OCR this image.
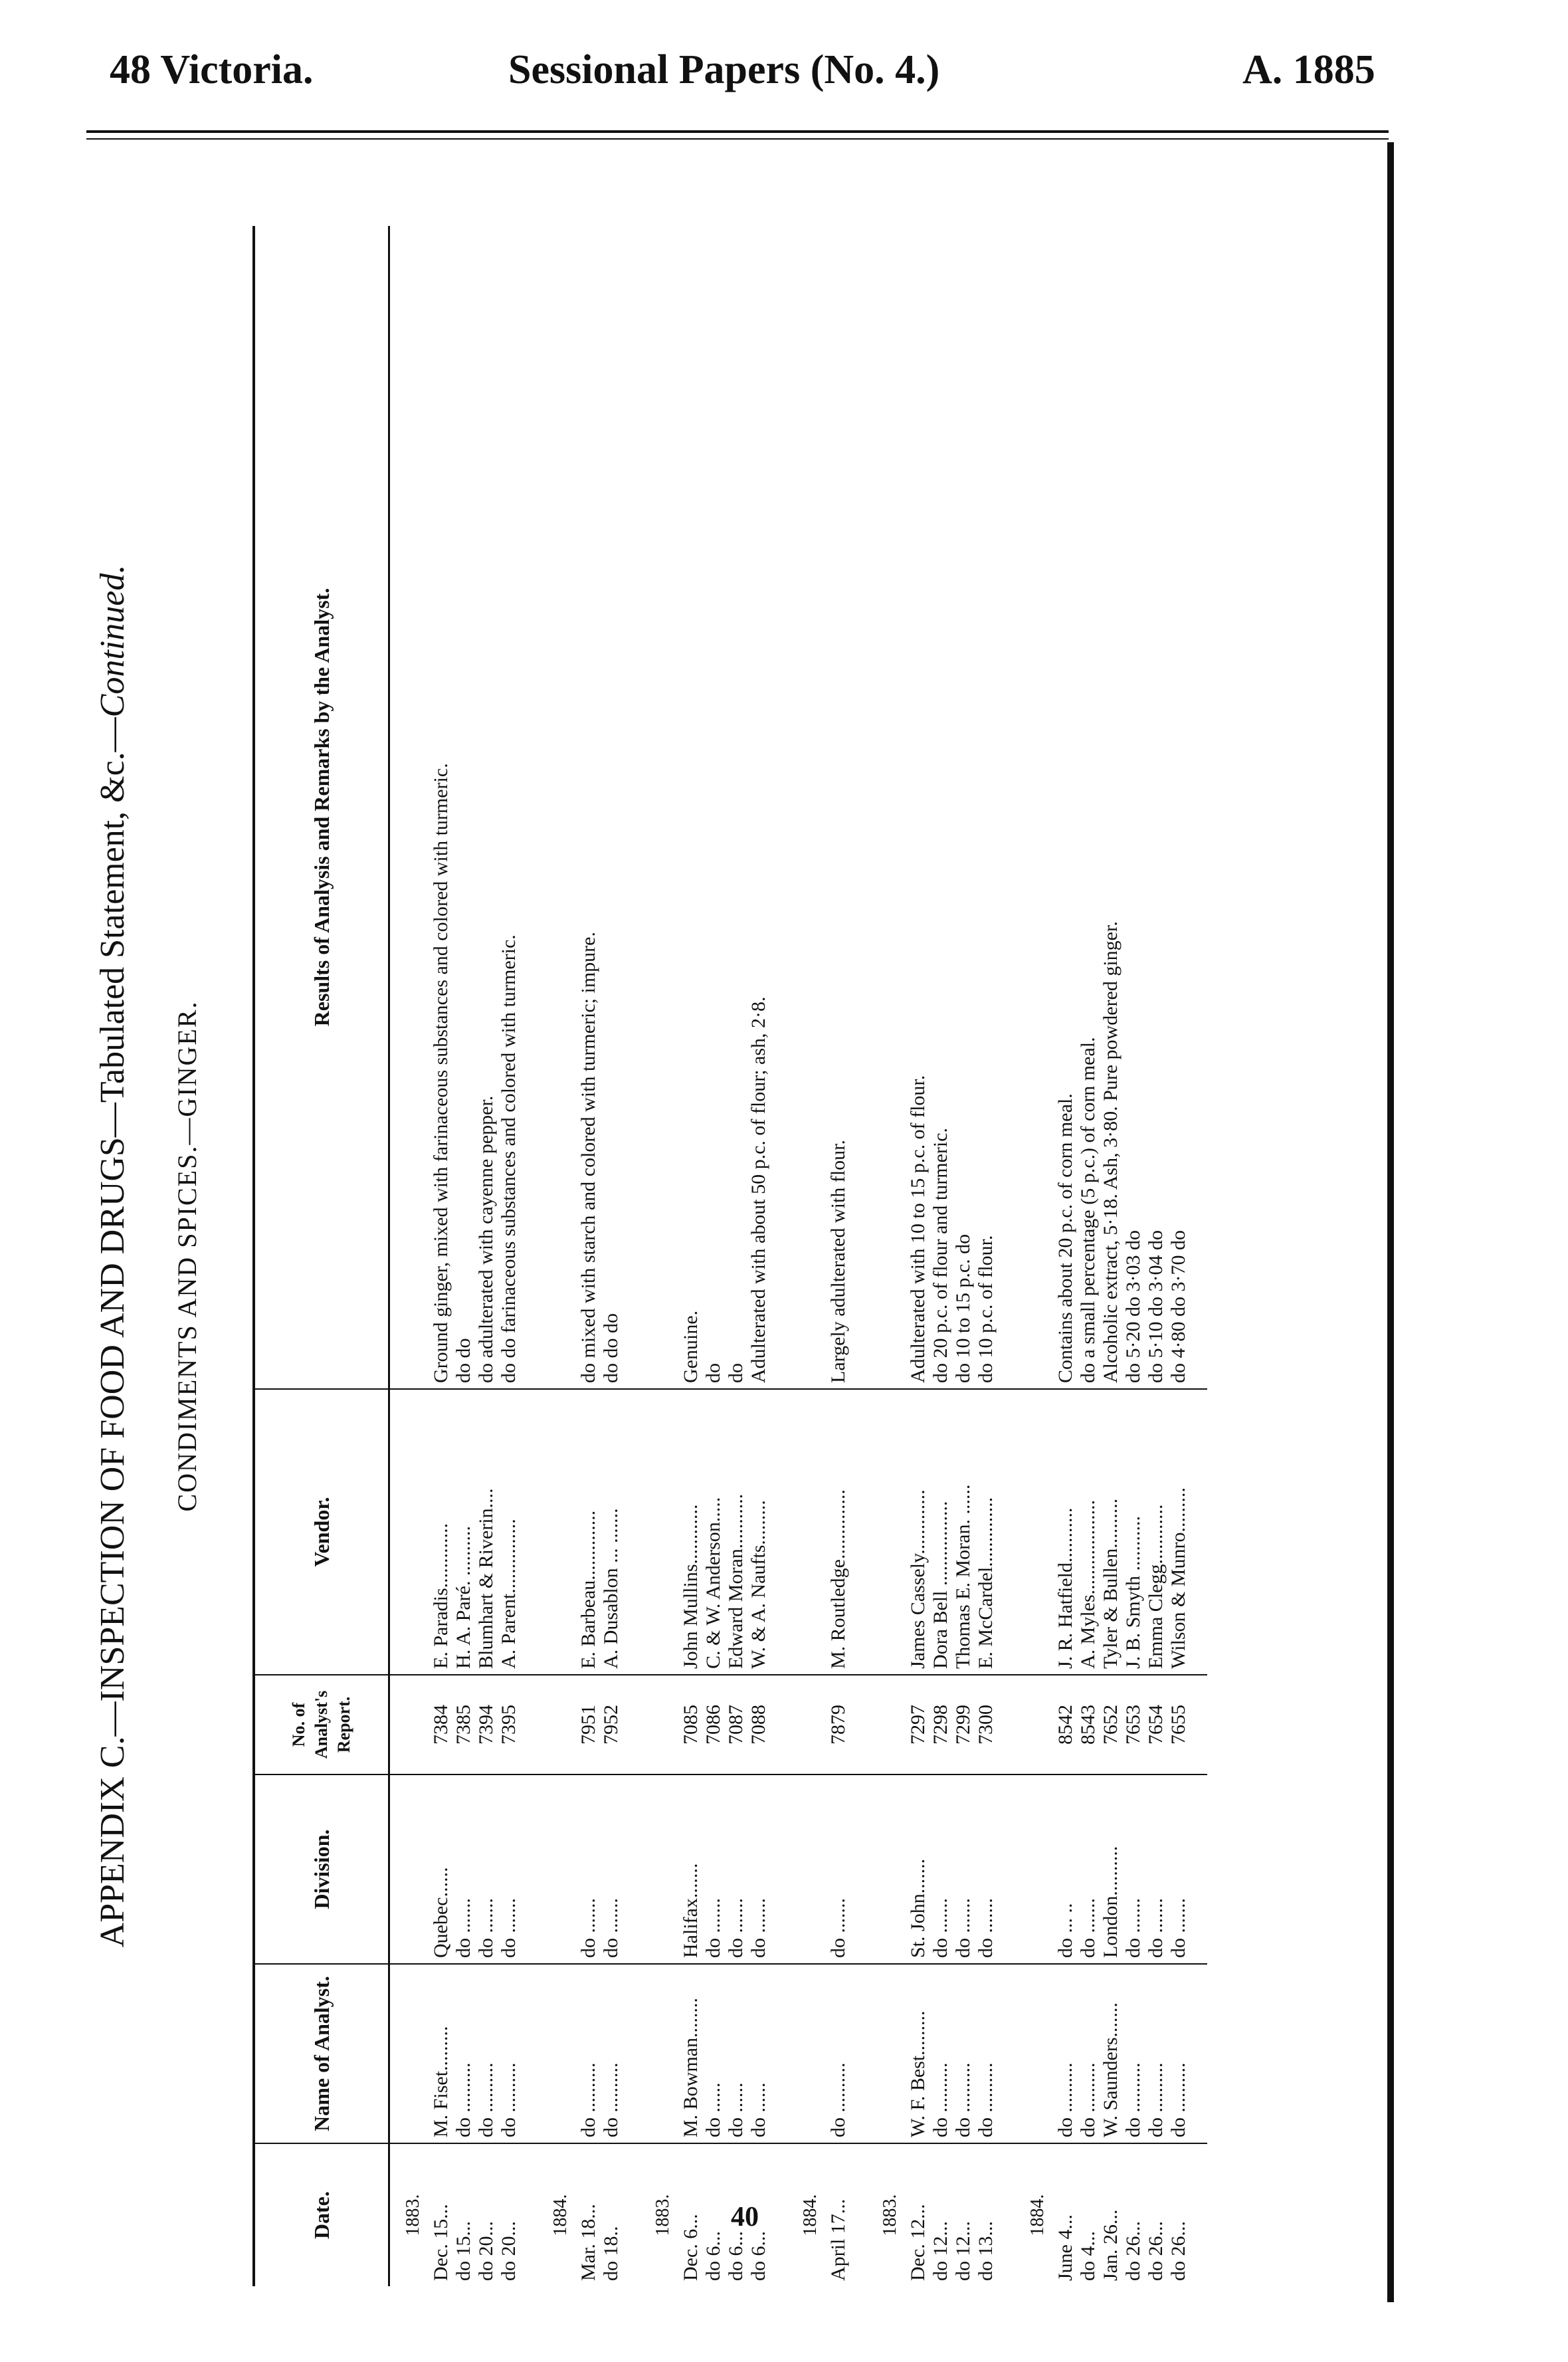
48 Victoria.	Sessional Papers (No. 4.)	A. 1885
APPENDIX C.—INSPECTION OF FOOD AND DRUGS—Tabulated Statement, &c.—Continued.
CONDIMENTS AND SPICES.—GINGER.
Date.	Name of Analyst.	Division.	No. of Analyst's Report.	Vendor.	Results of Analysis and Remarks by the Analyst.
1883.					
Dec. 15...	M. Fiset.........	Quebec......	7384	E. Paradis.............	Ground ginger, mixed with farinaceous substances and colored with turmeric.
do 15...	do ..........	do .......	7385	H. A. Paré. ..........	do do
do 20...	do ..........	do .......	7394	Blumhart & Riverin....	do adulterated with cayenne pepper.
do 20...	do ..........	do .......	7395	A. Parent...............	do do farinaceous substances and colored with turmeric.

1884.					
Mar. 18...	do ..........	do .......	7951	E. Barbeau..............	do mixed with starch and colored with turmeric; impure.
do 18..	do ..........	do .......	7952	A. Dusablon ... .......	do do do

1883.					
Dec. 6...	M. Bowman........	Halifax.......	7085	John Mullins............	Genuine.
do 6...	do ......	do .......	7086	C. & W. Anderson.....	do
do 6...	do ......	do .......	7087	Edward Moran...........	do
do 6...	do ......	do .......	7088	W. & A. Naufts.........	Adulterated with about 50 p.c. of flour; ash, 2·8.

1884.					
April 17...	do ..........	do .......	7879	M. Routledge..............	Largely adulterated with flour.

1883.					
Dec. 12...	W. F. Best.........	St. John.......	7297	James Cassely.............	Adulterated with 10 to 15 p.c. of flour.
do 12...	do ..........	do .......	7298	Dora Bell .................	do 20 p.c. of flour and turmeric.
do 12...	do ..........	do .......	7299	Thomas E. Moran. ......	do 10 to 15 p.c. do
do 13...	do ..........	do .......	7300	E. McCardel..............	do 10 p.c. of flour.

1884.					
June 4...	do ..........	do ... ..	8542	J. R. Hatfield...........	Contains about 20 p.c. of corn meal.
do 4...	do ..........	do .......	8543	A. Myles...................	do a small percentage (5 p.c.) of corn meal.
Jan. 26...	W. Saunders.......	London..........	7652	Tyler & Bullen..........	Alcoholic extract, 5·18. Ash, 3·80. Pure powdered ginger.
do 26...	do ..........	do .......	7653	J. B. Smyth ...........	do 5·20 do 3·03 do
do 26...	do ..........	do .......	7654	Emma Clegg............	do 5·10 do 3·04 do
do 26...	do ..........	do .......	7655	Wilson & Munro.........	do 4·80 do 3·70 do

40
